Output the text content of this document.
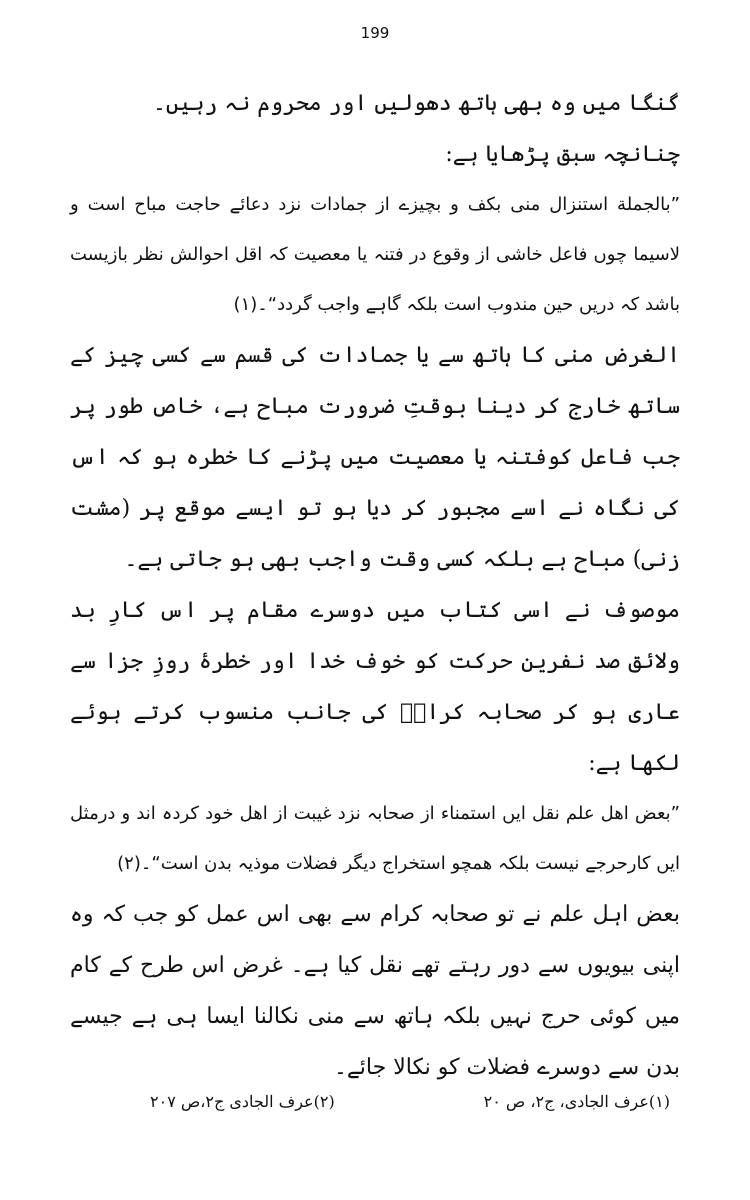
199

گنگا میں وہ بھی ہاتھ دھولیں اور محروم نہ رہیں۔ چنانچہ سبق پڑھایا ہے:

”بالجملة استنزال منی بکف و بچیزے از جمادات نزد دعائے حاجت مباح است و لاسیما چوں فاعل خاشی از وقوع در فتنہ یا معصیت کہ اقل احوالش نظر بازیست باشد کہ دریں حین مندوب است بلکہ گاہے واجب گردد“۔(۱)

الغرض منی کا ہاتھ سے یا جمادات کی قسم سے کسی چیز کے ساتھ خارج کر دینا بوقتِ ضرورت مباح ہے، خاص طور پر جب فاعل کوفتنہ یا معصیت میں پڑنے کا خطرہ ہو کہ اس کی نگاہ نے اسے مجبور کر دیا ہو تو ایسے موقع پر (مشت زنی) مباح ہے بلکہ کسی وقت واجب بھی ہو جاتی ہے۔

موصوف نے اسی کتاب میں دوسرے مقام پر اس کارِ بد ولائق صد نفرین حرکت کو خوف خدا اور خطرۂ روزِ جزا سے عاری ہو کر صحابہ کرامؓ کی جانب منسوب کرتے ہوئے لکھا ہے:

”بعض اھل علم نقل ایں استمناء از صحابہ نزد غیبت از اھل خود کردہ اند و درمثل ایں کارحرجے نیست بلکہ ھمچو استخراج دیگر فضلات موذیہ بدن است“۔(۲)

بعض اہل علم نے تو صحابہ کرام سے بھی اس عمل کو جب کہ وہ اپنی بیویوں سے دور رہتے تھے نقل کیا ہے۔ غرض اس طرح کے کام میں کوئی حرج نہیں بلکہ ہاتھ سے منی نکالنا ایسا ہی ہے جیسے بدن سے دوسرے فضلات کو نکالا جائے۔

(۱)عرف الجادی، ج۲، ص ۲۰
(۲)عرف الجادی ج۲،ص ۲۰۷
